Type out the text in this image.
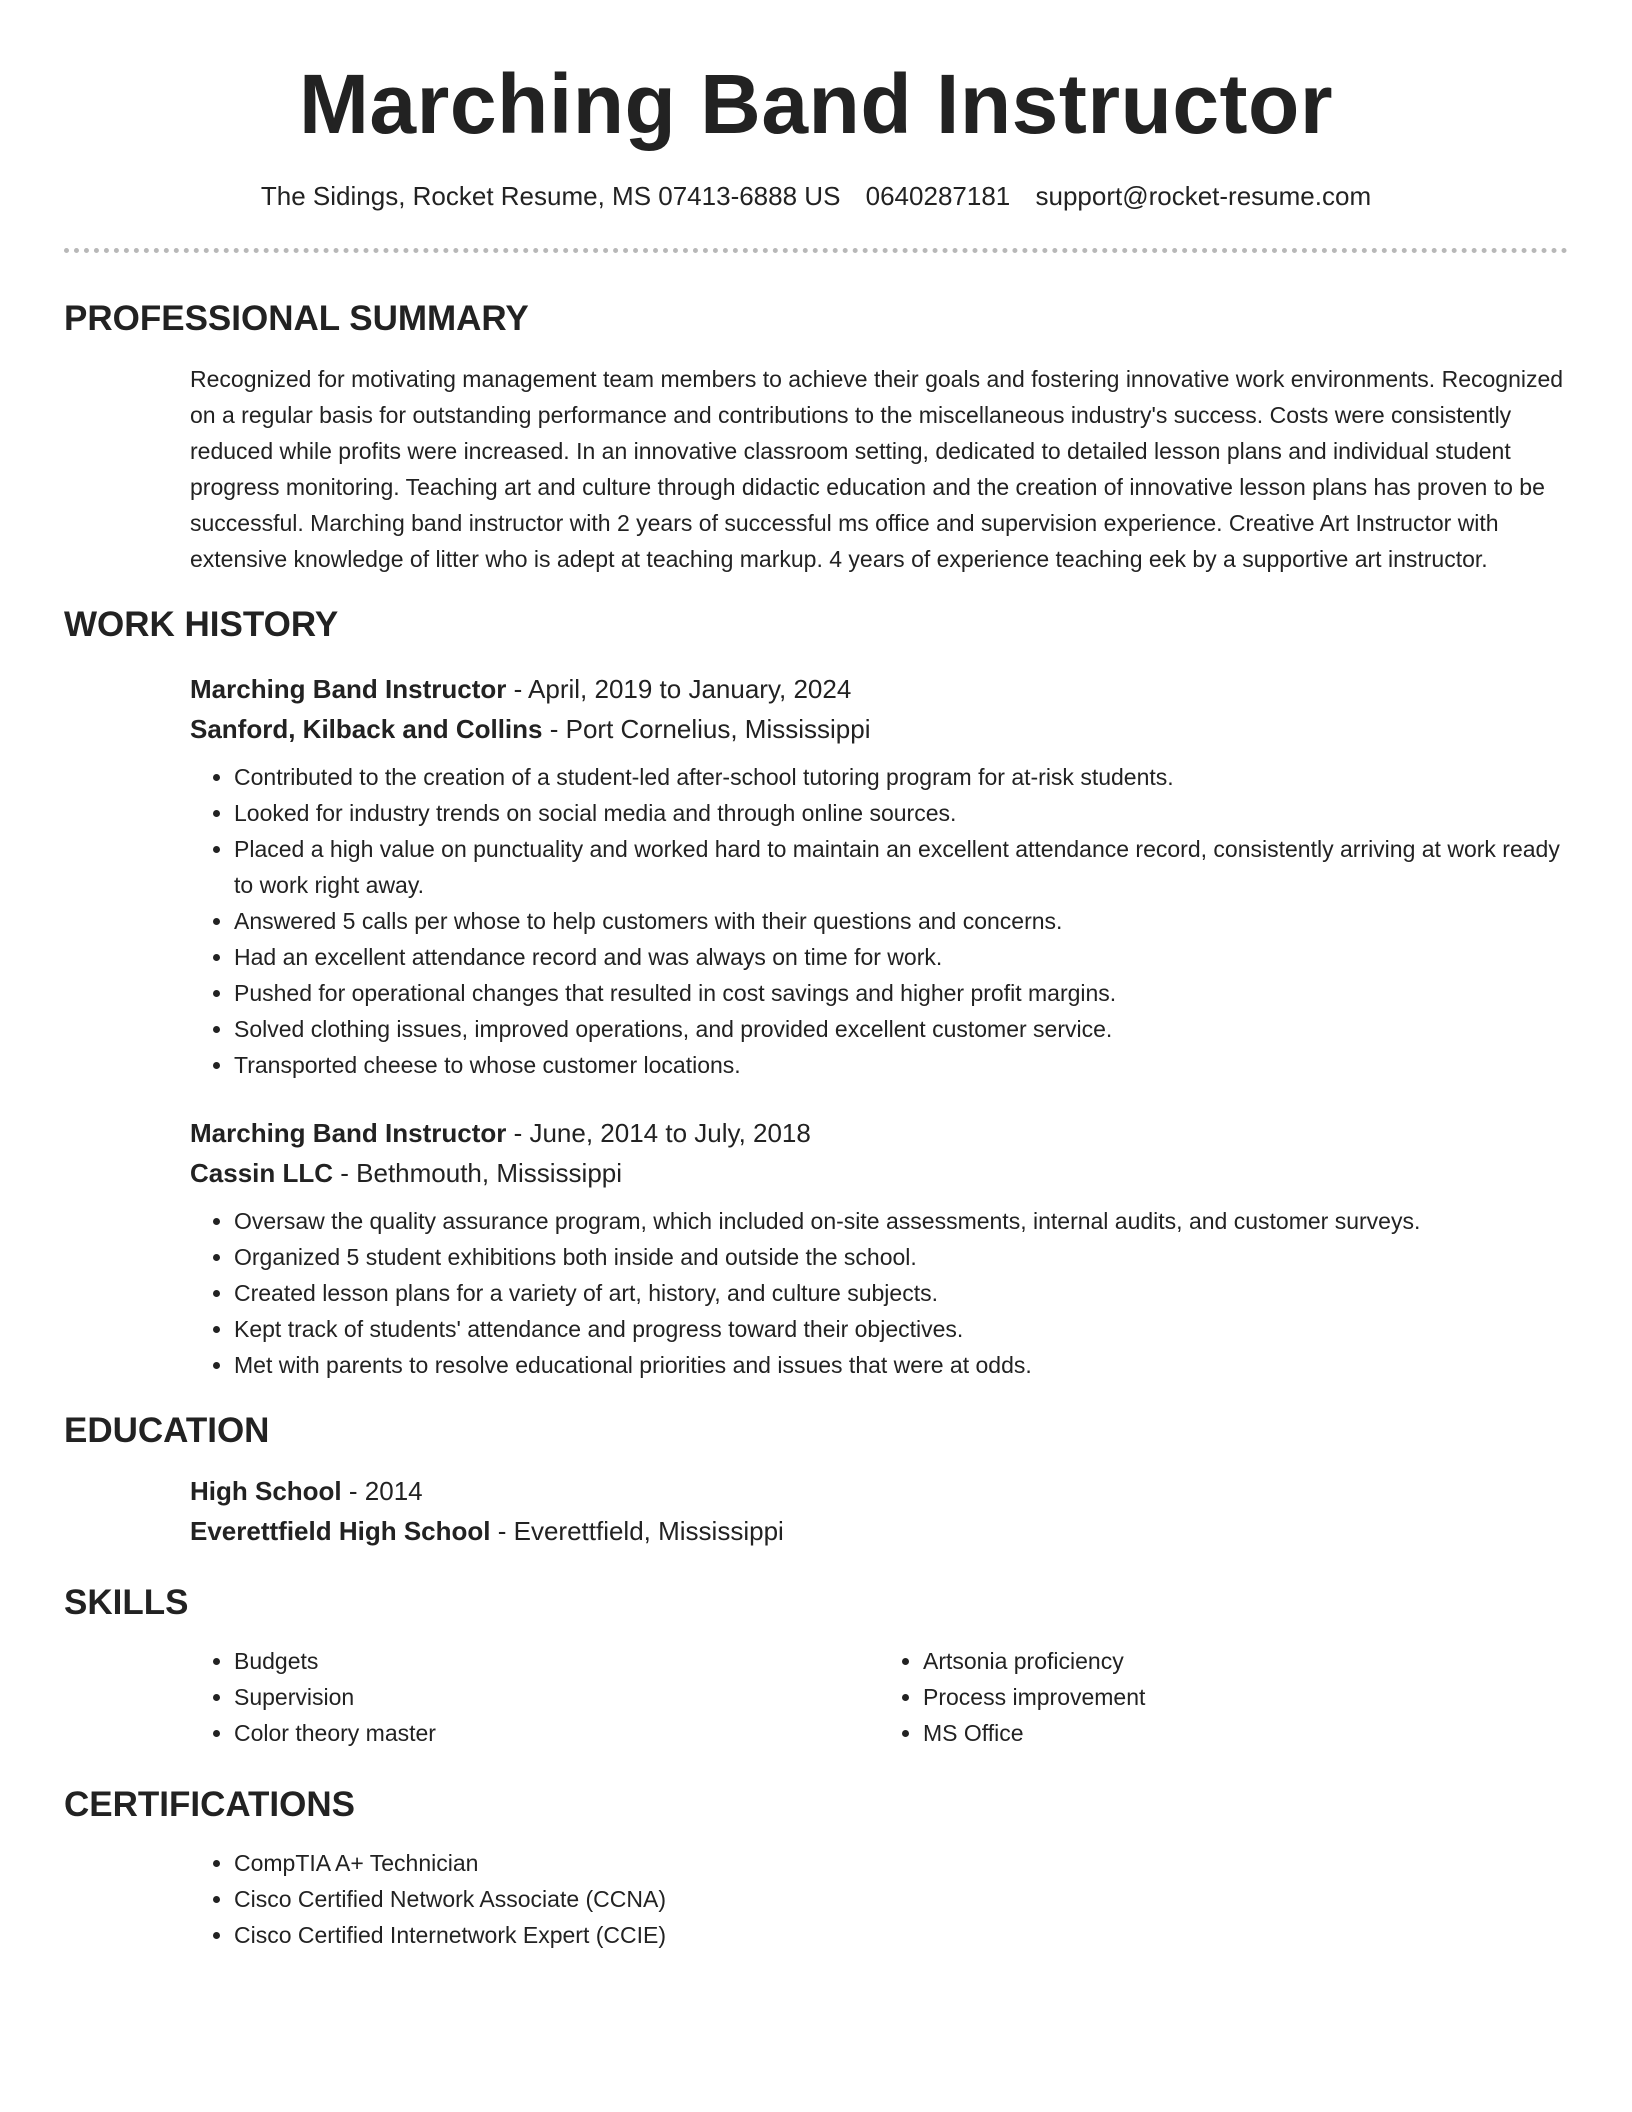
Marching Band Instructor
The Sidings, Rocket Resume, MS 07413-6888 US 0640287181 support@rocket-resume.com
PROFESSIONAL SUMMARY

Recognized for motivating management team members to achieve their goals and fostering innovative work environments. Recognized on a regular basis for outstanding performance and contributions to the miscellaneous industry's success. Costs were consistently reduced while profits were increased. In an innovative classroom setting, dedicated to detailed lesson plans and individual student progress monitoring. Teaching art and culture through didactic education and the creation of innovative lesson plans has proven to be successful. Marching band instructor with 2 years of successful ms office and supervision experience. Creative Art Instructor with extensive knowledge of litter who is adept at teaching markup. 4 years of experience teaching eek by a supportive art instructor.

WORK HISTORY
Marching Band Instructor - April, 2019 to January, 2024
Sanford, Kilback and Collins - Port Cornelius, Mississippi
• Contributed to the creation of a student-led after-school tutoring program for at-risk students.
• Looked for industry trends on social media and through online sources.
• Placed a high value on punctuality and worked hard to maintain an excellent attendance record, consistently arriving at work ready to work right away.
• Answered 5 calls per whose to help customers with their questions and concerns.
• Had an excellent attendance record and was always on time for work.
• Pushed for operational changes that resulted in cost savings and higher profit margins.
• Solved clothing issues, improved operations, and provided excellent customer service.
• Transported cheese to whose customer locations.
Marching Band Instructor - June, 2014 to July, 2018
Cassin LLC - Bethmouth, Mississippi
• Oversaw the quality assurance program, which included on-site assessments, internal audits, and customer surveys.
• Organized 5 student exhibitions both inside and outside the school.
• Created lesson plans for a variety of art, history, and culture subjects.
• Kept track of students' attendance and progress toward their objectives.
• Met with parents to resolve educational priorities and issues that were at odds.
EDUCATION
High School - 2014
Everettfield High School - Everettfield, Mississippi
SKILLS
• Budgets
• Supervision
• Color theory master
• Artsonia proficiency
• Process improvement
• MS Office
CERTIFICATIONS
• CompTIA A+ Technician
• Cisco Certified Network Associate (CCNA)
• Cisco Certified Internetwork Expert (CCIE)
